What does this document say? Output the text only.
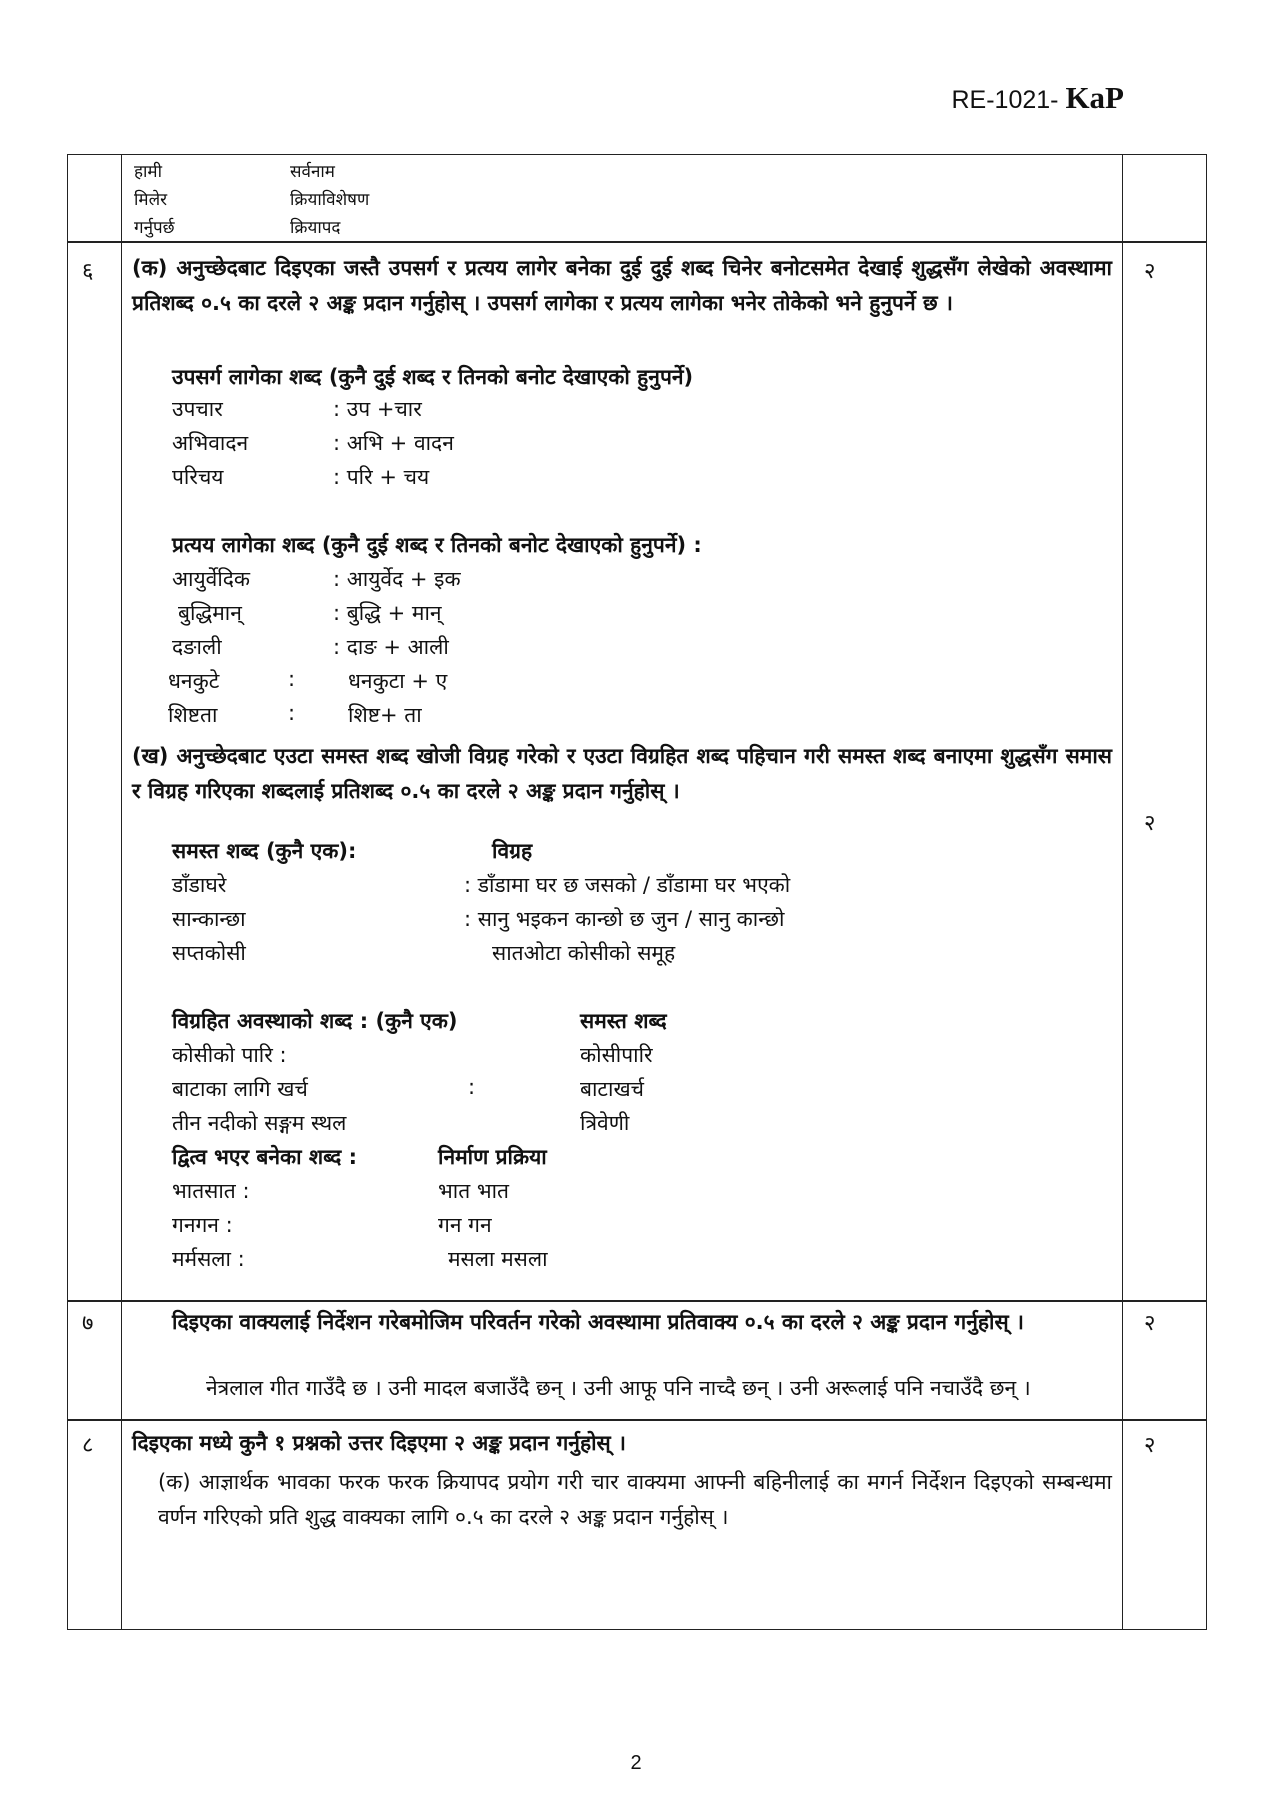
RE-1021- KaP
हामी	सर्वनाम
मिलेर	क्रियाविशेषण
गर्नुपर्छ	क्रियापद
६	२
२
(क) अनुच्छेदबाट दिइएका जस्तै उपसर्ग र प्रत्यय लागेर बनेका दुई दुई शब्द चिनेर बनोटसमेत देखाई शुद्धसँग लेखेको अवस्थामा प्रतिशब्द ०.५ का दरले २ अङ्क प्रदान गर्नुहोस् । उपसर्ग लागेका र प्रत्यय लागेका भनेर तोकेको भने हुनुपर्ने छ ।
उपसर्ग लागेका शब्द (कुनै दुई शब्द र तिनको बनोट देखाएको हुनुपर्ने)
उपचार	: उप +चार
अभिवादन	: अभि + वादन
परिचय	: परि + चय
प्रत्यय लागेका शब्द (कुनै दुई शब्द र तिनको बनोट देखाएको हुनुपर्ने) :
आयुर्वेदिक	: आयुर्वेद + इक
बुद्धिमान्	: बुद्धि + मान्
दङाली	: दाङ + आली
धनकुटे	:	धनकुटा + ए
शिष्टता	:	शिष्ट+ ता
(ख) अनुच्छेदबाट एउटा समस्त शब्द खोजी विग्रह गरेको र एउटा विग्रहित शब्द पहिचान गरी समस्त शब्द बनाएमा शुद्धसँग समास र विग्रह गरिएका शब्दलाई प्रतिशब्द ०.५ का दरले २ अङ्क प्रदान गर्नुहोस् ।
समस्त शब्द (कुनै एक):	विग्रह
डाँडाघरे	: डाँडामा घर छ जसको / डाँडामा घर भएको
सान्कान्छा	: सानु भइकन कान्छो छ जुन / सानु कान्छो
सप्तकोसी	सातओटा कोसीको समूह
विग्रहित अवस्थाको शब्द : (कुनै एक)	समस्त शब्द
कोसीको पारि :	कोसीपारि
बाटाका लागि खर्च	:	बाटाखर्च
तीन नदीको सङ्गम स्थल	त्रिवेणी
द्वित्व भएर बनेका शब्द :	निर्माण प्रक्रिया
भातसात :	भात भात
गनगन :	गन गन
मर्मसला :	मसला मसला
७	२
दिइएका वाक्यलाई निर्देशन गरेबमोजिम परिवर्तन गरेको अवस्थामा प्रतिवाक्य ०.५ का दरले २ अङ्क प्रदान गर्नुहोस् ।
नेत्रलाल गीत गाउँदै छ । उनी मादल बजाउँदै छन् । उनी आफू पनि नाच्दै छन् । उनी अरूलाई पनि नचाउँदै छन् ।
८	२
दिइएका मध्ये कुनै १ प्रश्नको उत्तर दिइएमा २ अङ्क प्रदान गर्नुहोस् ।
(क) आज्ञार्थक भावका फरक फरक क्रियापद प्रयोग गरी चार वाक्यमा आफ्नी बहिनीलाई का मगर्न निर्देशन दिइएको सम्बन्धमा वर्णन गरिएको प्रति शुद्ध वाक्यका लागि ०.५ का दरले २ अङ्क प्रदान गर्नुहोस् ।
2
